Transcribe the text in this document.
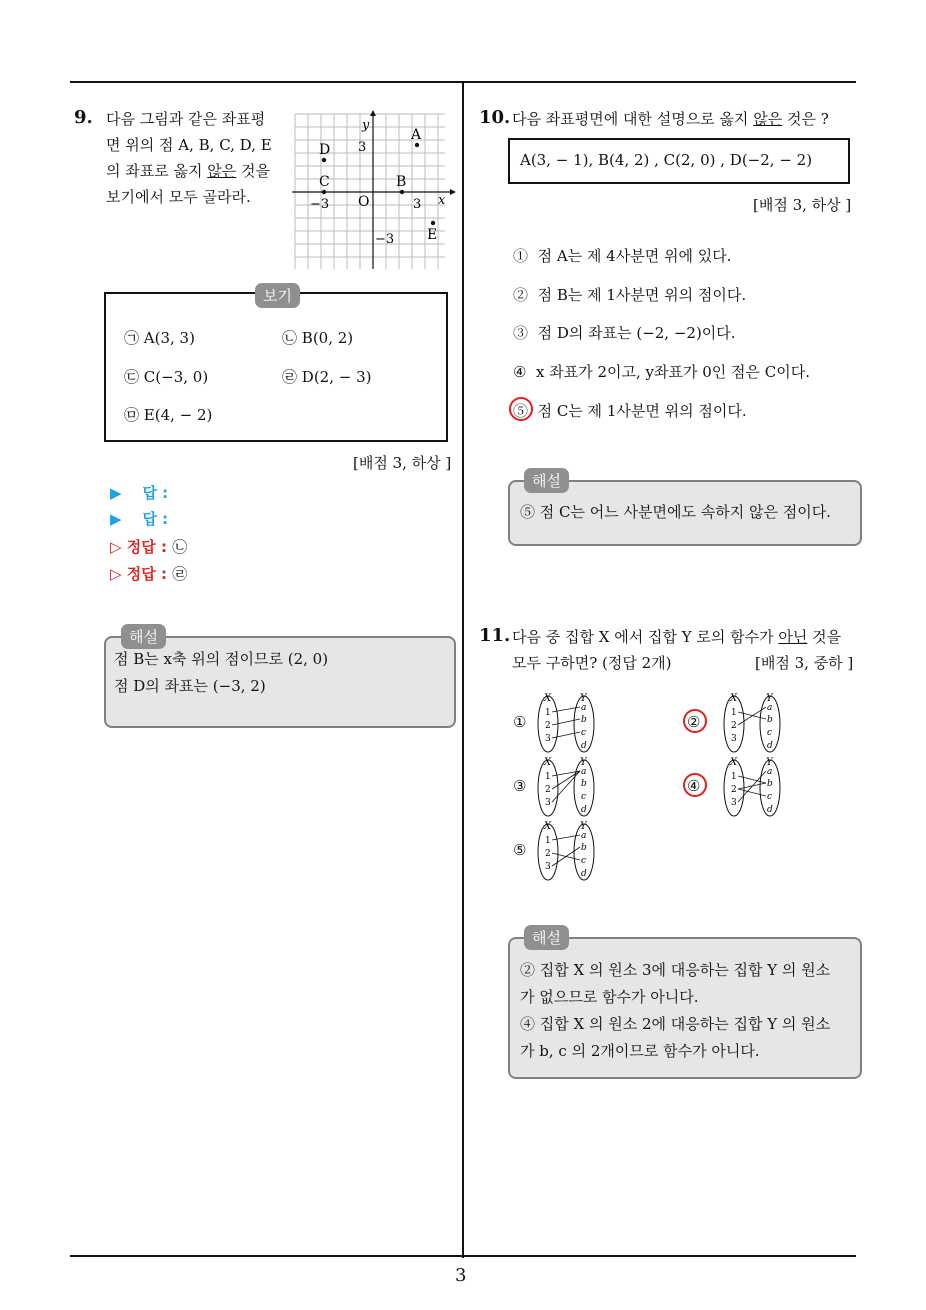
3
9. 다음 그림과 같은 좌표평
면 위의 점 A, B, C, D, E
의 좌표로 옳지 않은 것을
보기에서 모두 골라라.
y
x
O	3
−3
3
−3
A
B
C
D
E
보기
㉠ A(3, 3)	㉡ B(0, 2)
㉢ C(−3, 0)	㉣ D(2, − 3)
㉤ E(4, − 2)
[배점 3, 하상 ]
▶ 답 :
▶ 답 :
▷ 정답 : ㉡
▷ 정답 : ㉣
점 B는 x축 위의 점이므로 (2, 0)
점 D의 좌표는 (−3, 2)
해설
10. 다음 좌표평면에 대한 설명으로 옳지 않은 것은 ?
A(3, − 1), B(4, 2) , C(2, 0) , D(−2, − 2)
[배점 3, 하상 ]
① 점 A는 제 4사분면 위에 있다.
② 점 B는 제 1사분면 위의 점이다.
③ 점 D의 좌표는 (−2, −2)이다.
④ x 좌표가 2이고, y좌표가 0인 점은 C이다.
⑤ 점 C는 제 1사분면 위의 점이다.
⑤ 점 C는 어느 사분면에도 속하지 않은 점이다.
해설
11. 다음 중 집합 X 에서 집합 Y 로의 함수가 아닌 것을
모두 구하면? (정답 2개)	[배점 3, 중하 ]
①	②
③	④
⑤
X	Y
1
2
3
a
b
c
d
X	Y
1
2
3
a
b
c
d
X	Y
1
2
3
a
b
c
d
X	Y
1
2
3
a
b
c
d
X	Y
1
2
3
a
b
c
d
② 집합 X 의 원소 3에 대응하는 집합 Y 의 원소
가 없으므로 함수가 아니다.
④ 집합 X 의 원소 2에 대응하는 집합 Y 의 원소
가 b, c 의 2개이므로 함수가 아니다.
해설
